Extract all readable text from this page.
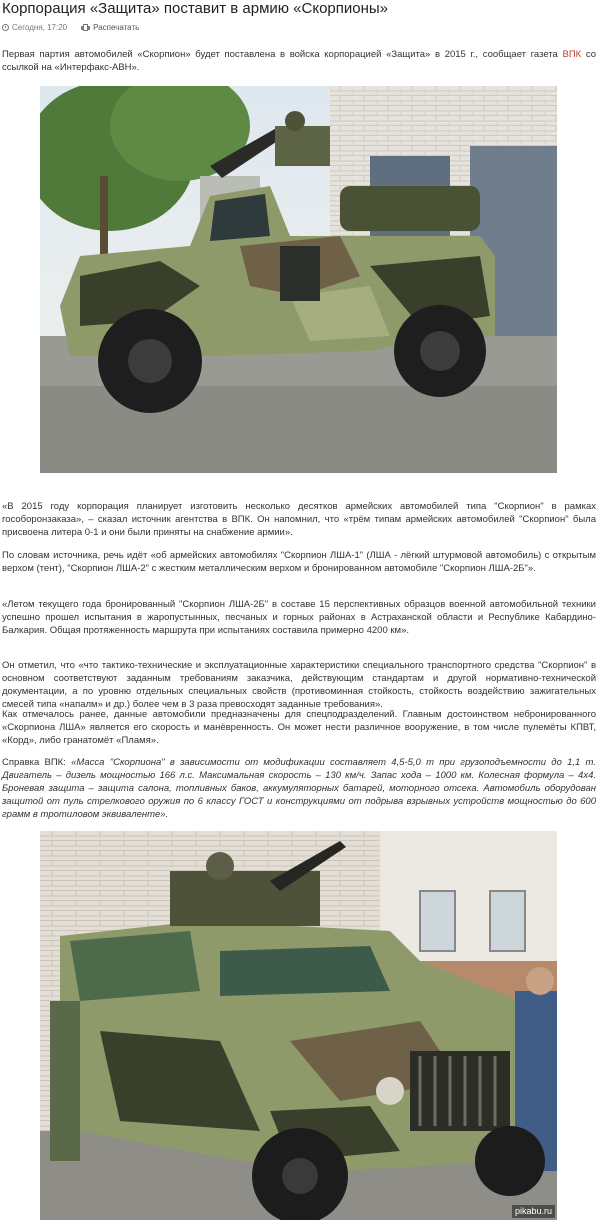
Корпорация «Защита» поставит в армию «Скорпионы»
Сегодня, 17:20	Распечатать

Первая партия автомобилей «Скорпион» будет поставлена в войска корпорацией «Защита» в 2015 г., сообщает газета ВПК со ссылкой на «Интерфакс-АВН».

«В 2015 году корпорация планирует изготовить несколько десятков армейских автомобилей типа "Скорпион" в рамках гособоронзаказа», – сказал источник агентства в ВПК. Он напомнил, что «трём типам армейских автомобилей "Скорпион" была присвоена литера 0-1 и они были приняты на снабжение армии».

По словам источника, речь идёт «об армейских автомобилях "Скорпион ЛША-1" (ЛША - лёгкий штурмовой автомобиль) с открытым верхом (тент), "Скорпион ЛША-2" с жестким металлическим верхом и бронированном автомобиле "Скорпион ЛША-2Б"».

«Летом текущего года бронированный "Скорпион ЛША-2Б" в составе 15 перспективных образцов военной автомобильной техники успешно прошел испытания в жаропустынных, песчаных и горных районах в Астраханской области и Республике Кабардино-Балкария. Общая протяженность маршрута при испытаниях составила примерно 4200 км».

Он отметил, что «что тактико-технические и эксплуатационные характеристики специального транспортного средства "Скорпион" в основном соответствуют заданным требованиям заказчика, действующим стандартам и другой нормативно-технической документации, а по уровню отдельных специальных свойств (противоминная стойкость, стойкость воздействию зажигательных смесей типа «напалм» и др.) более чем в 3 раза превосходят заданные требования».

Как отмечалось ранее, данные автомобили предназначены для спецподразделений. Главным достоинством небронированного «Скорпиона ЛША» является его скорость и манёвренность. Он может нести различное вооружение, в том числе пулемёты КПВТ, «Корд», либо гранатомёт «Пламя».

Справка ВПК: «Масса "Скорпиона" в зависимости от модификации составляет 4,5-5,0 т при грузоподъемности до 1,1 т. Двигатель – дизель мощностью 166 л.с. Максимальная скорость – 130 км/ч. Запас хода – 1000 км. Колесная формула – 4х4. Броневая защита – защита салона, топливных баков, аккумуляторных батарей, моторного отсека. Автомобиль оборудован защитой от пуль стрелкового оружия по 6 классу ГОСТ и конструкциями от подрыва взрывных устройств мощностью до 600 грамм в тротиловом эквиваленте».

pikabu.ru
